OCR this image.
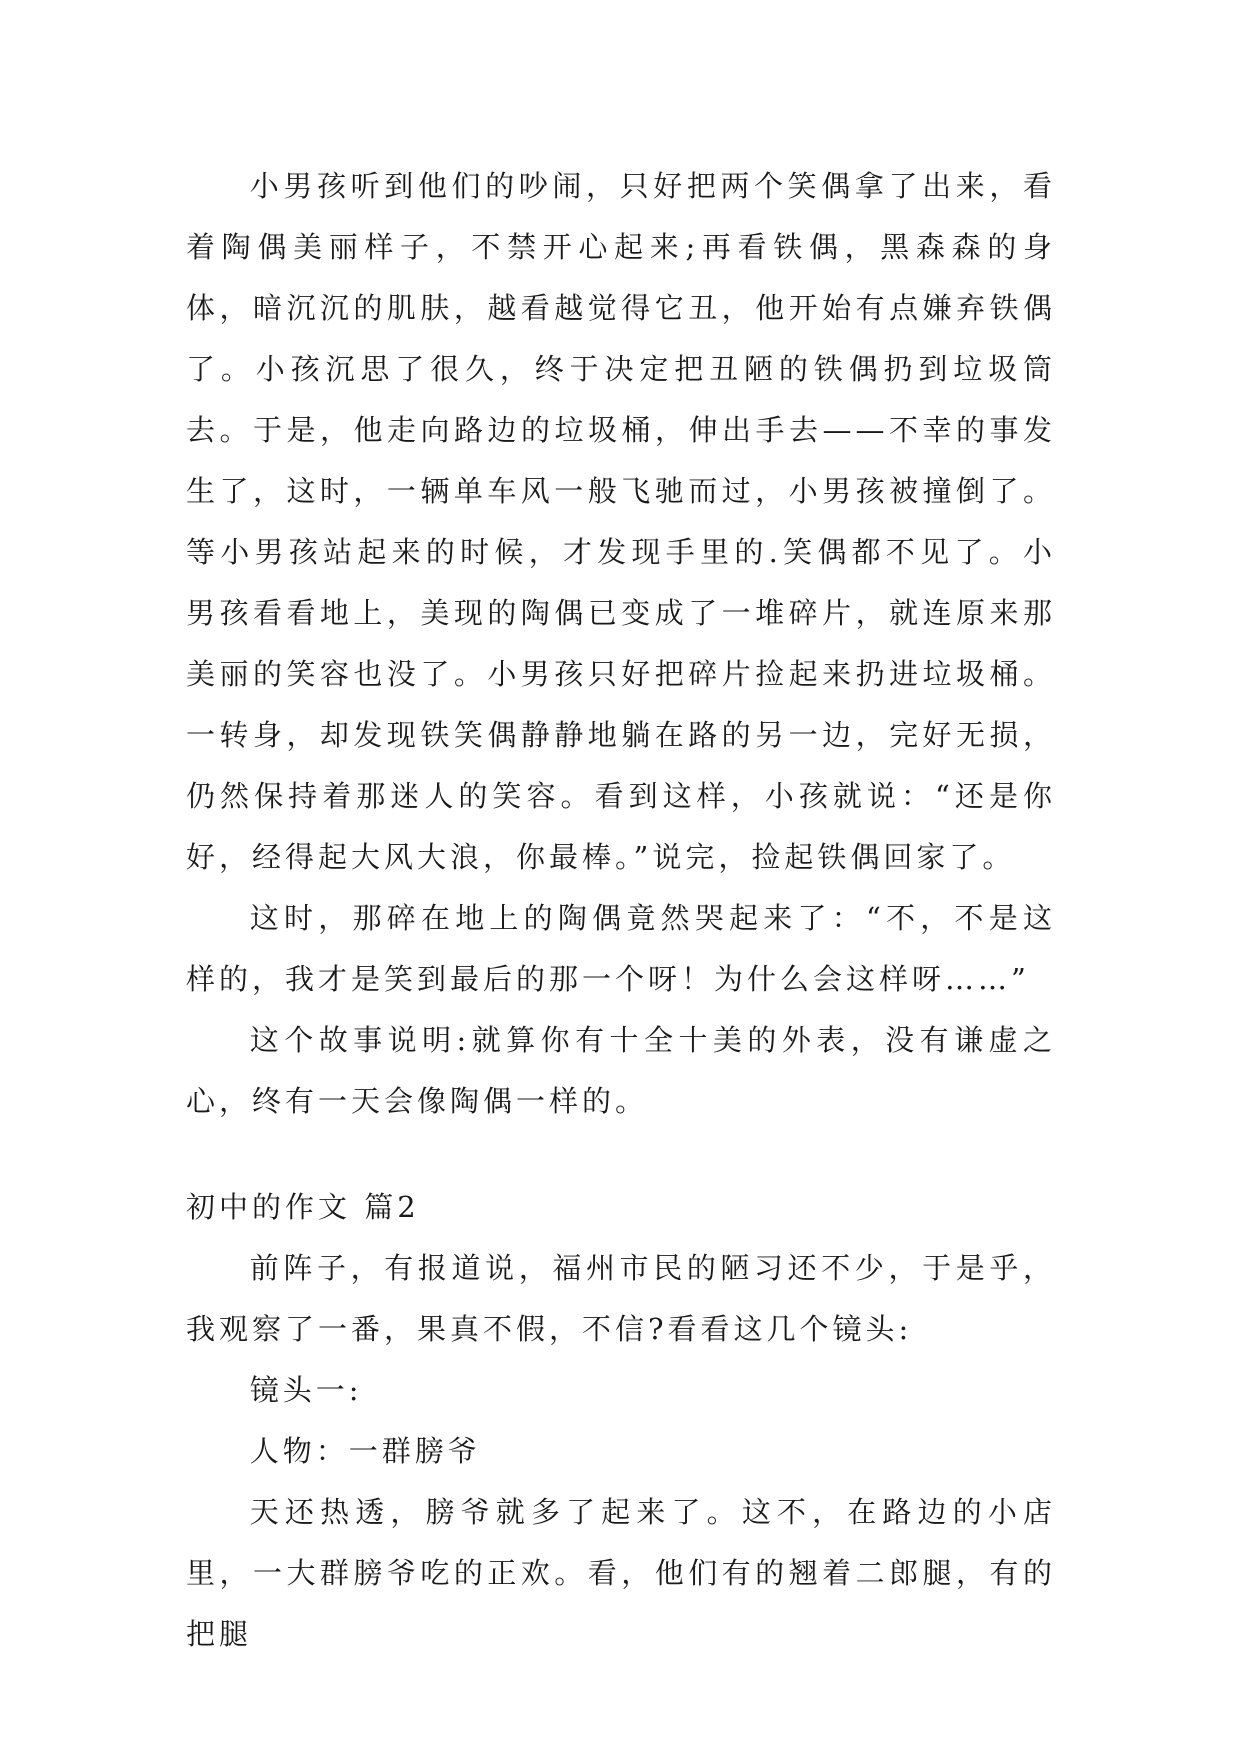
小男孩听到他们的吵闹，只好把两个笑偶拿了出来，看着陶偶美丽样子，不禁开心起来;再看铁偶，黑森森的身体，暗沉沉的肌肤，越看越觉得它丑，他开始有点嫌弃铁偶了。小孩沉思了很久，终于决定把丑陋的铁偶扔到垃圾筒去。于是，他走向路边的垃圾桶，伸出手去——不幸的事发生了，这时，一辆单车风一般飞驰而过，小男孩被撞倒了。等小男孩站起来的时候，才发现手里的.笑偶都不见了。小男孩看看地上，美现的陶偶已变成了一堆碎片，就连原来那美丽的笑容也没了。小男孩只好把碎片捡起来扔进垃圾桶。一转身，却发现铁笑偶静静地躺在路的另一边，完好无损，仍然保持着那迷人的笑容。看到这样，小孩就说：“还是你好，经得起大风大浪，你最棒。”说完，捡起铁偶回家了。

这时，那碎在地上的陶偶竟然哭起来了：“不，不是这样的，我才是笑到最后的那一个呀！为什么会这样呀……”

这个故事说明:就算你有十全十美的外表，没有谦虚之心，终有一天会像陶偶一样的。

初中的作文 篇2

前阵子，有报道说，福州市民的陋习还不少，于是乎，我观察了一番，果真不假，不信?看看这几个镜头:

镜头一:

人物：一群膀爷

天还热透，膀爷就多了起来了。这不，在路边的小店里，一大群膀爷吃的正欢。看，他们有的翘着二郎腿，有的把腿
